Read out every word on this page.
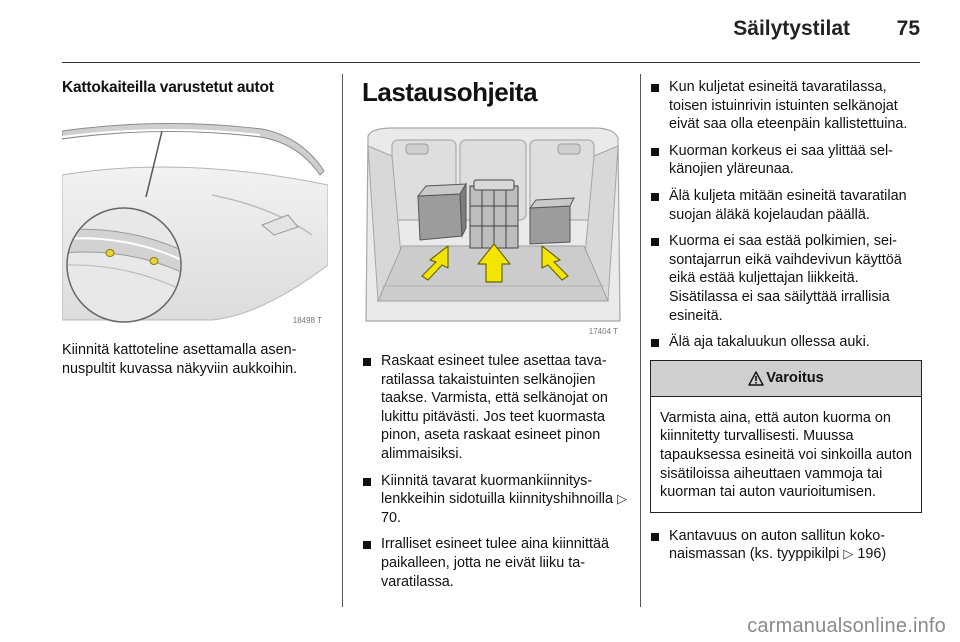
Säilytystilat 75
Kattokaiteilla varustetut autot
18498 T
Kiinnitä kattoteline asettamalla asennuspultit kuvassa näkyviin aukkoihin.
Lastausohjeita
17404 T
Raskaat esineet tulee asettaa tavaratilassa takaistuinten selkänojien taakse. Varmista, että selkänojat on lukittu pitävästi. Jos teet kuormasta pinon, aseta raskaat esineet pinon alimmaisiksi.
Kiinnitä tavarat kuormankiinnityslenkkeihin sidotuilla kiinnityshihnoilla ▷ 70.
Irralliset esineet tulee aina kiinnittää paikalleen, jotta ne eivät liiku tavaratilassa.
Kun kuljetat esineitä tavaratilassa, toisen istuinrivin istuinten selkänojat eivät saa olla eteenpäin kallistettuina.
Kuorman korkeus ei saa ylittää selkänojien yläreunaa.
Älä kuljeta mitään esineitä tavaratilan suojan äläkä kojelaudan päällä.
Kuorma ei saa estää polkimien, seisontajarrun eikä vaihdevivun käyttöä eikä estää kuljettajan liikkeitä. Sisätilassa ei saa säilyttää irrallisia esineitä.
Älä aja takaluukun ollessa auki.
Varoitus
Varmista aina, että auton kuorma on kiinnitetty turvallisesti. Muussa tapauksessa esineitä voi sinkoilla auton sisätiloissa aiheuttaen vammoja tai kuorman tai auton vaurioitumisen.
Kantavuus on auton sallitun kokonaismassan (ks. tyyppikilpi ▷ 196)
carmanualsonline.info
